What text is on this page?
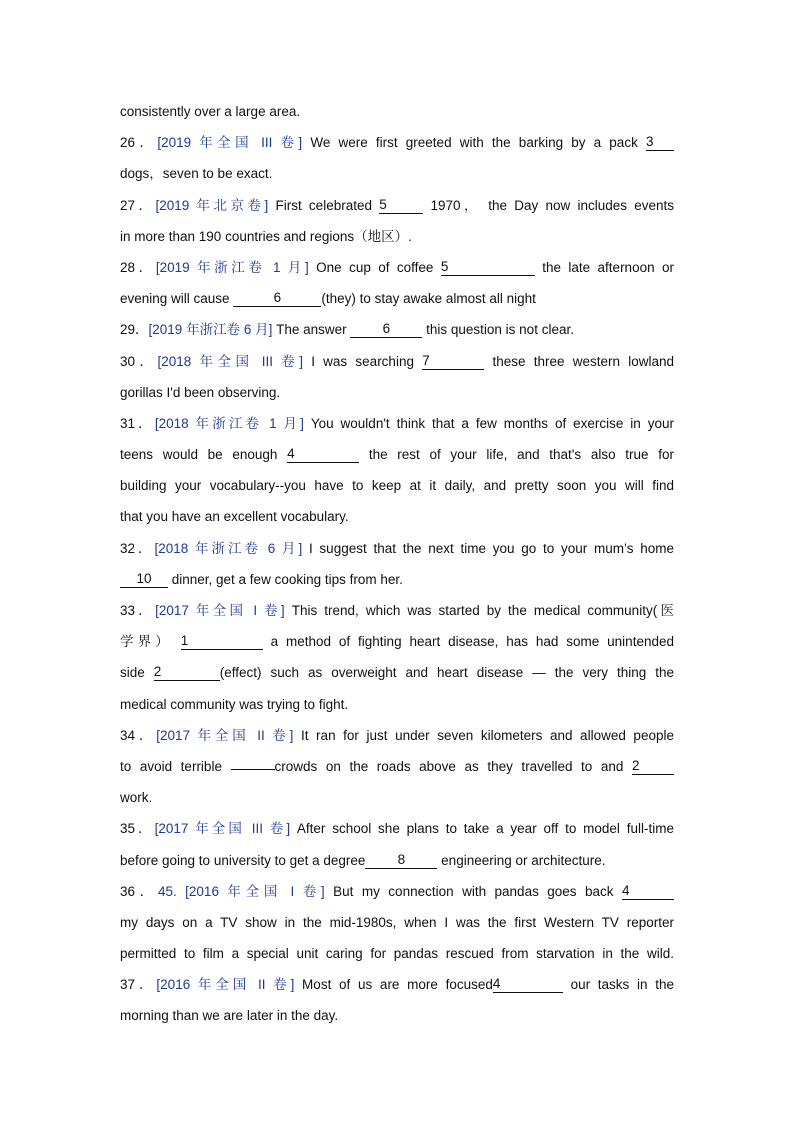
consistently over a large area.
26．[2019 年全国 III 卷] We were first greeted with the barking by a pack 3
dogs，seven to be exact.
27．[2019 年北京卷] First celebrated 5	1970， the Day now includes events
in more than 190 countries and regions（地区）.
28．[2019 年浙江卷 1 月] One cup of coffee 5	the late afternoon or
evening will cause	6	(they) to stay awake almost all night
29．[2019 年浙江卷 6 月] The answer 6 this question is not clear.
30．[2018 年全国 III 卷] I was searching 7	these three western lowland
gorillas I'd been observing.
31．[2018 年浙江卷 1 月] You wouldn't think that a few months of exercise in your
teens would be enough 4	the rest of your life, and that's also true for
building your vocabulary--you have to keep at it daily, and pretty soon you will find
that you have an excellent vocabulary.
32．[2018 年浙江卷 6 月] I suggest that the next time you go to your mum’s home
10 dinner, get a few cooking tips from her.
33．[2017 年全国 I 卷] This trend, which was started by the medical community(医
学界） 1	a method of fighting heart disease, has had some unintended
side 2	(effect) such as overweight and heart disease — the very thing the
medical community was trying to fight.
34．[2017 年全国 II 卷] It ran for just under seven kilometers and allowed people
to avoid terrible	crowds on the roads above as they travelled to and 2
work.
35．[2017 年全国 III 卷] After school she plans to take a year off to model full-time
before going to university to get a degree 8 engineering or architecture.
36．45. [2016 年全国 I 卷] But my connection with pandas goes back 4
my days on a TV show in the mid-1980s, when I was the first Western TV reporter
permitted to film a special unit caring for pandas rescued from starvation in the wild.
37．[2016 年全国 II 卷] Most of us are more focused4	our tasks in the
morning than we are later in the day.
